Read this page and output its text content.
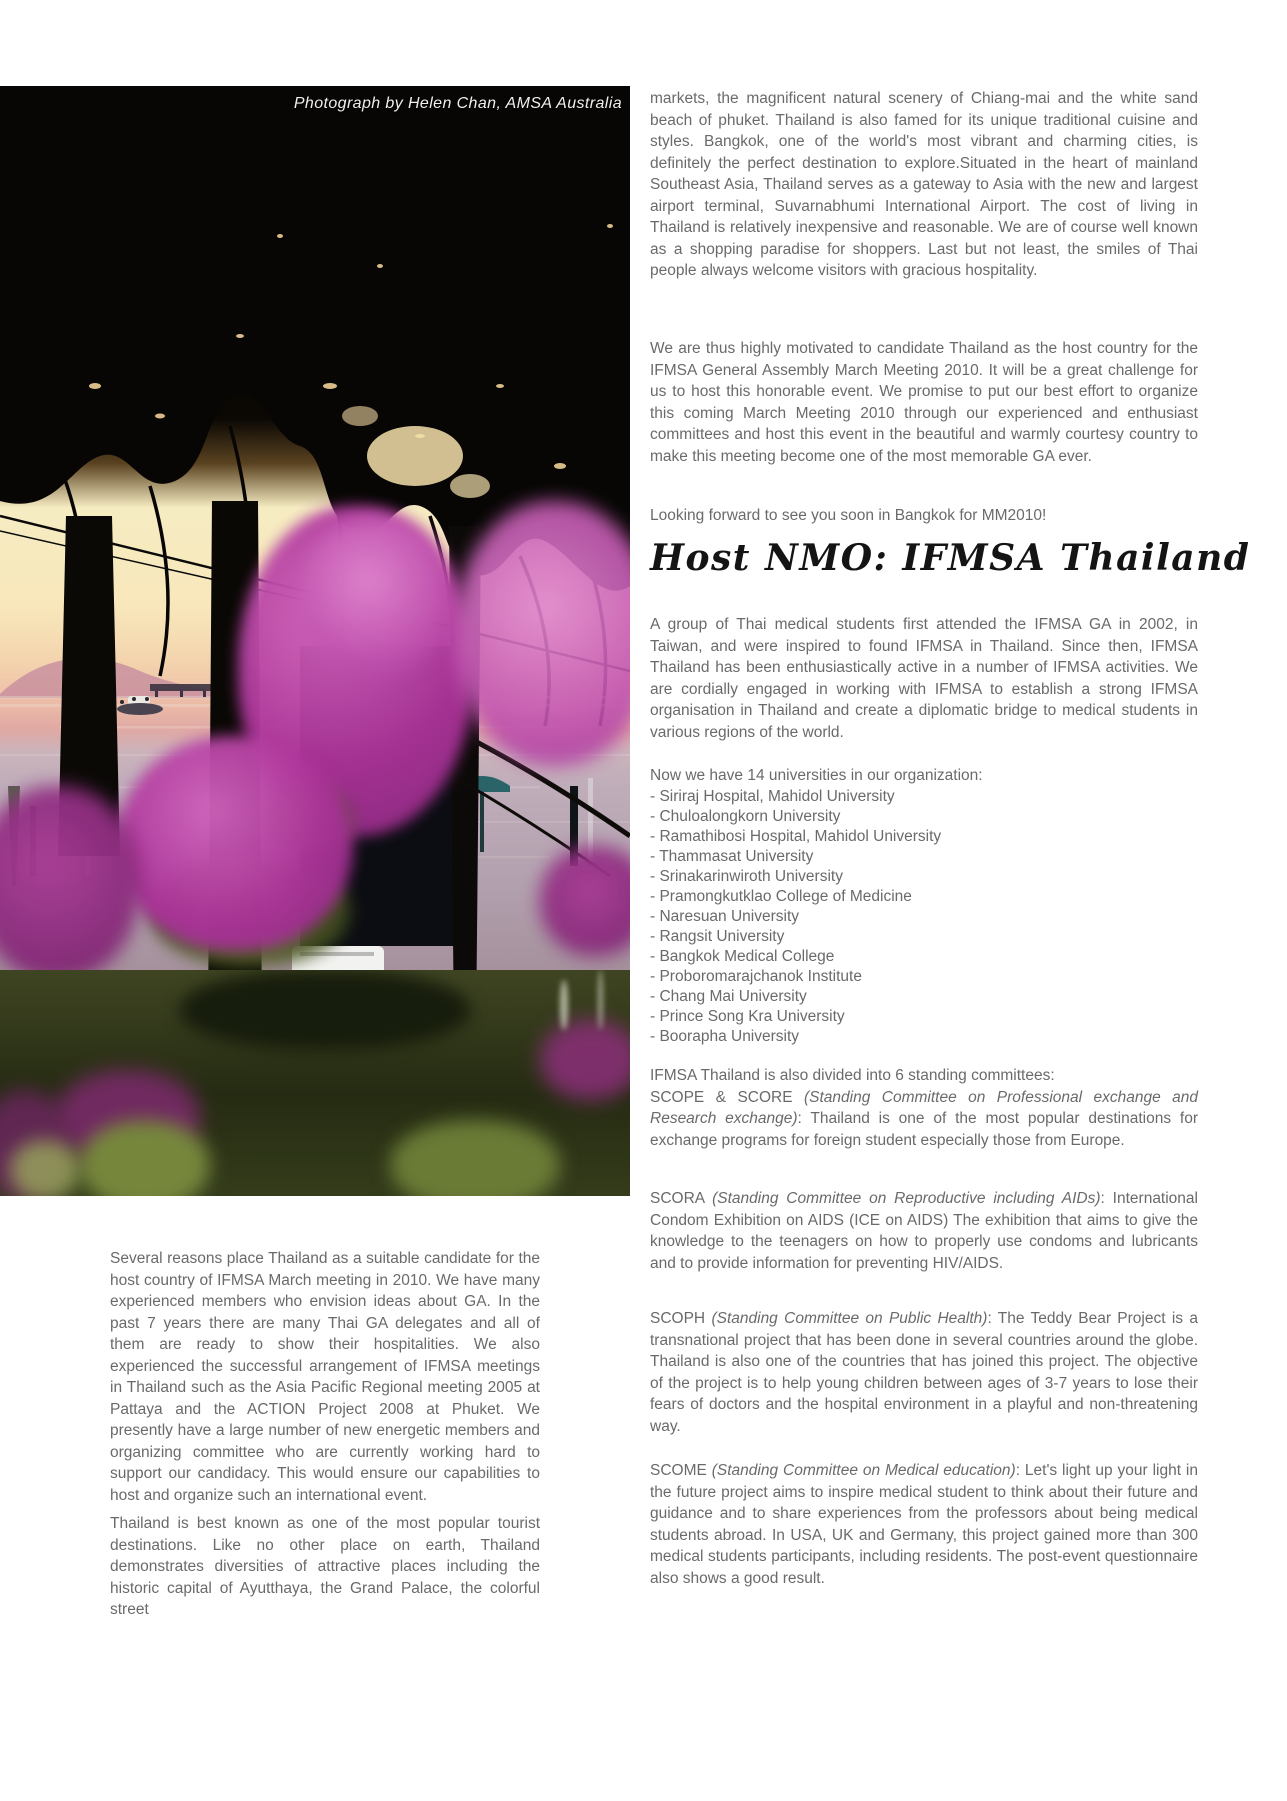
Photograph by Helen Chan, AMSA Australia
Several reasons place Thailand as a suitable candidate for the host country of IFMSA March meeting in 2010. We have many experienced members who envision ideas about GA. In the past 7 years there are many Thai GA delegates and all of them are ready to show their hospitalities. We also experienced the successful arrangement of IFMSA meetings in Thailand such as the Asia Pacific Regional meeting 2005 at Pattaya and the ACTION Project 2008 at Phuket. We presently have a large number of new energetic members and organizing committee who are currently working hard to support our candidacy. This would ensure our capabilities to host and organize such an international event.
Thailand is best known as one of the most popular tourist destinations. Like no other place on earth, Thailand demonstrates diversities of attractive places including the historic capital of Ayutthaya, the Grand Palace, the colorful street
markets, the magnificent natural scenery of Chiang-mai and the white sand beach of phuket. Thailand is also famed for its unique traditional cuisine and styles. Bangkok, one of the world's most vibrant and charming cities, is definitely the perfect destination to explore.Situated in the heart of mainland Southeast Asia, Thailand serves as a gateway to Asia with the new and largest airport terminal, Suvarnabhumi International Airport. The cost of living in Thailand is relatively inexpensive and reasonable. We are of course well known as a shopping paradise for shoppers. Last but not least, the smiles of Thai people always welcome visitors with gracious hospitality.
We are thus highly motivated to candidate Thailand as the host country for the IFMSA General Assembly March Meeting 2010. It will be a great challenge for us to host this honorable event. We promise to put our best effort to organize this coming March Meeting 2010 through our experienced and enthusiast committees and host this event in the beautiful and warmly courtesy country to make this meeting become one of the most memorable GA ever.
Looking forward to see you soon in Bangkok for MM2010!
Host NMO: IFMSA Thailand
A group of Thai medical students first attended the IFMSA GA in 2002, in Taiwan, and were inspired to found IFMSA in Thailand. Since then, IFMSA Thailand has been enthusiastically active in a number of IFMSA activities. We are cordially engaged in working with IFMSA to establish a strong IFMSA organisation in Thailand and create a diplomatic bridge to medical students in various regions of the world.
Now we have 14 universities in our organization:
- Siriraj Hospital, Mahidol University
- Chuloalongkorn University
- Ramathibosi Hospital, Mahidol University
- Thammasat University
- Srinakarinwiroth University
- Pramongkutklao College of Medicine
- Naresuan University
- Rangsit University
- Bangkok Medical College
- Proboromarajchanok Institute
- Chang Mai University
- Prince Song Kra University
- Boorapha University
IFMSA Thailand is also divided into 6 standing committees:
SCOPE & SCORE (Standing Committee on Professional exchange and Research exchange): Thailand is one of the most popular destinations for exchange programs for foreign student especially those from Europe.
SCORA (Standing Committee on Reproductive including AIDs): International Condom Exhibition on AIDS (ICE on AIDS) The exhibition that aims to give the knowledge to the teenagers on how to properly use condoms and lubricants and to provide information for preventing HIV/AIDS.
SCOPH (Standing Committee on Public Health): The Teddy Bear Project is a transnational project that has been done in several countries around the globe. Thailand is also one of the countries that has joined this project. The objective of the project is to help young children between ages of 3-7 years to lose their fears of doctors and the hospital environment in a playful and non-threatening way.
SCOME (Standing Committee on Medical education): Let's light up your light in the future project aims to inspire medical student to think about their future and guidance and to share experiences from the professors about being medical students abroad. In USA, UK and Germany, this project gained more than 300 medical students participants, including residents. The post-event questionnaire also shows a good result.
